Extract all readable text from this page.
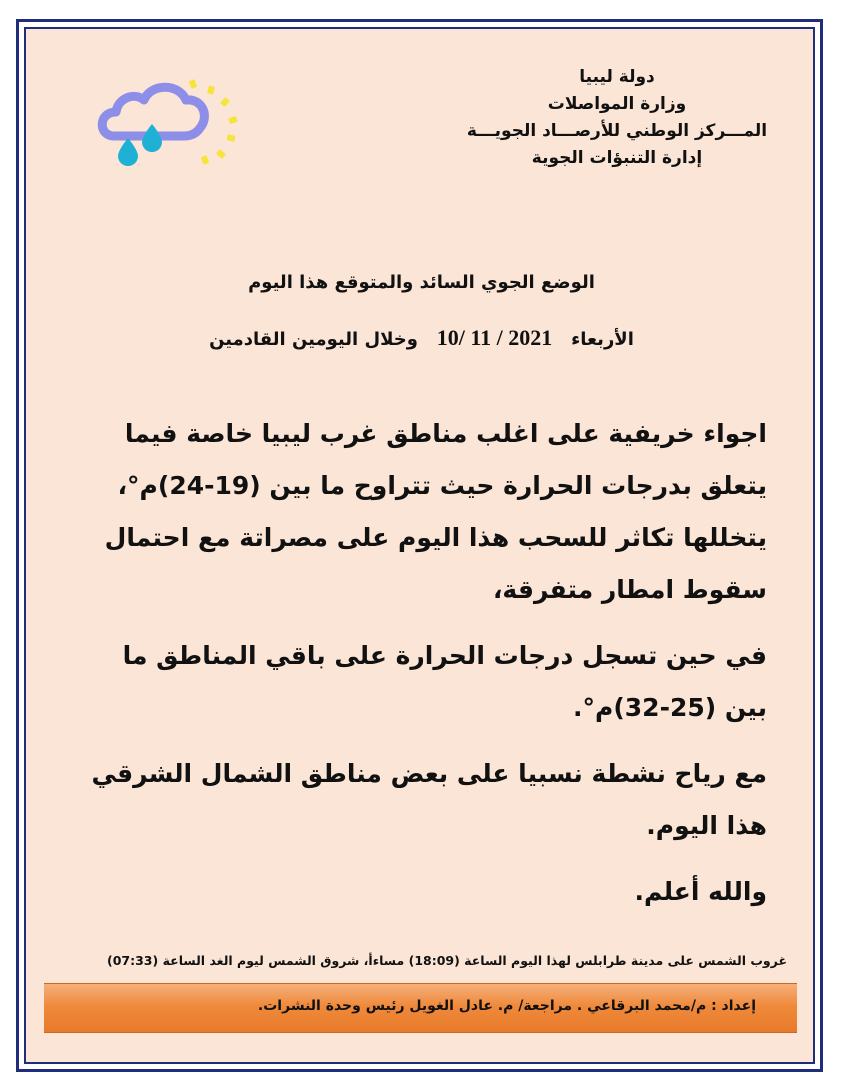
دولة ليبيا
وزارة المواصلات
المـــركز الوطني للأرصـــاد الجويـــة
إدارة التنبؤات الجوية
الوضع الجوي السائد والمتوقع هذا اليوم
الأربعاء   10/ 11 / 2021   وخلال اليومين القادمين

اجواء خريفية على اغلب مناطق غرب ليبيا خاصة فيما يتعلق بدرجات الحرارة حيث تتراوح ما بين (19-24)م°، يتخللها تكاثر للسحب هذا اليوم على مصراتة مع احتمال سقوط امطار متفرقة،

في حين تسجل درجات الحرارة على باقي المناطق ما بين (25-32)م°.

مع رياح نشطة نسبيا على بعض مناطق الشمال الشرقي هذا اليوم.

والله أعلم.

غروب الشمس على مدينة طرابلس لهذا اليوم الساعة (18:09) مساءأ، شروق الشمس ليوم الغد الساعة (07:33)
إعداد : م/محمد البرقاعي . مراجعة/ م. عادل الغويل رئيس وحدة النشرات.
